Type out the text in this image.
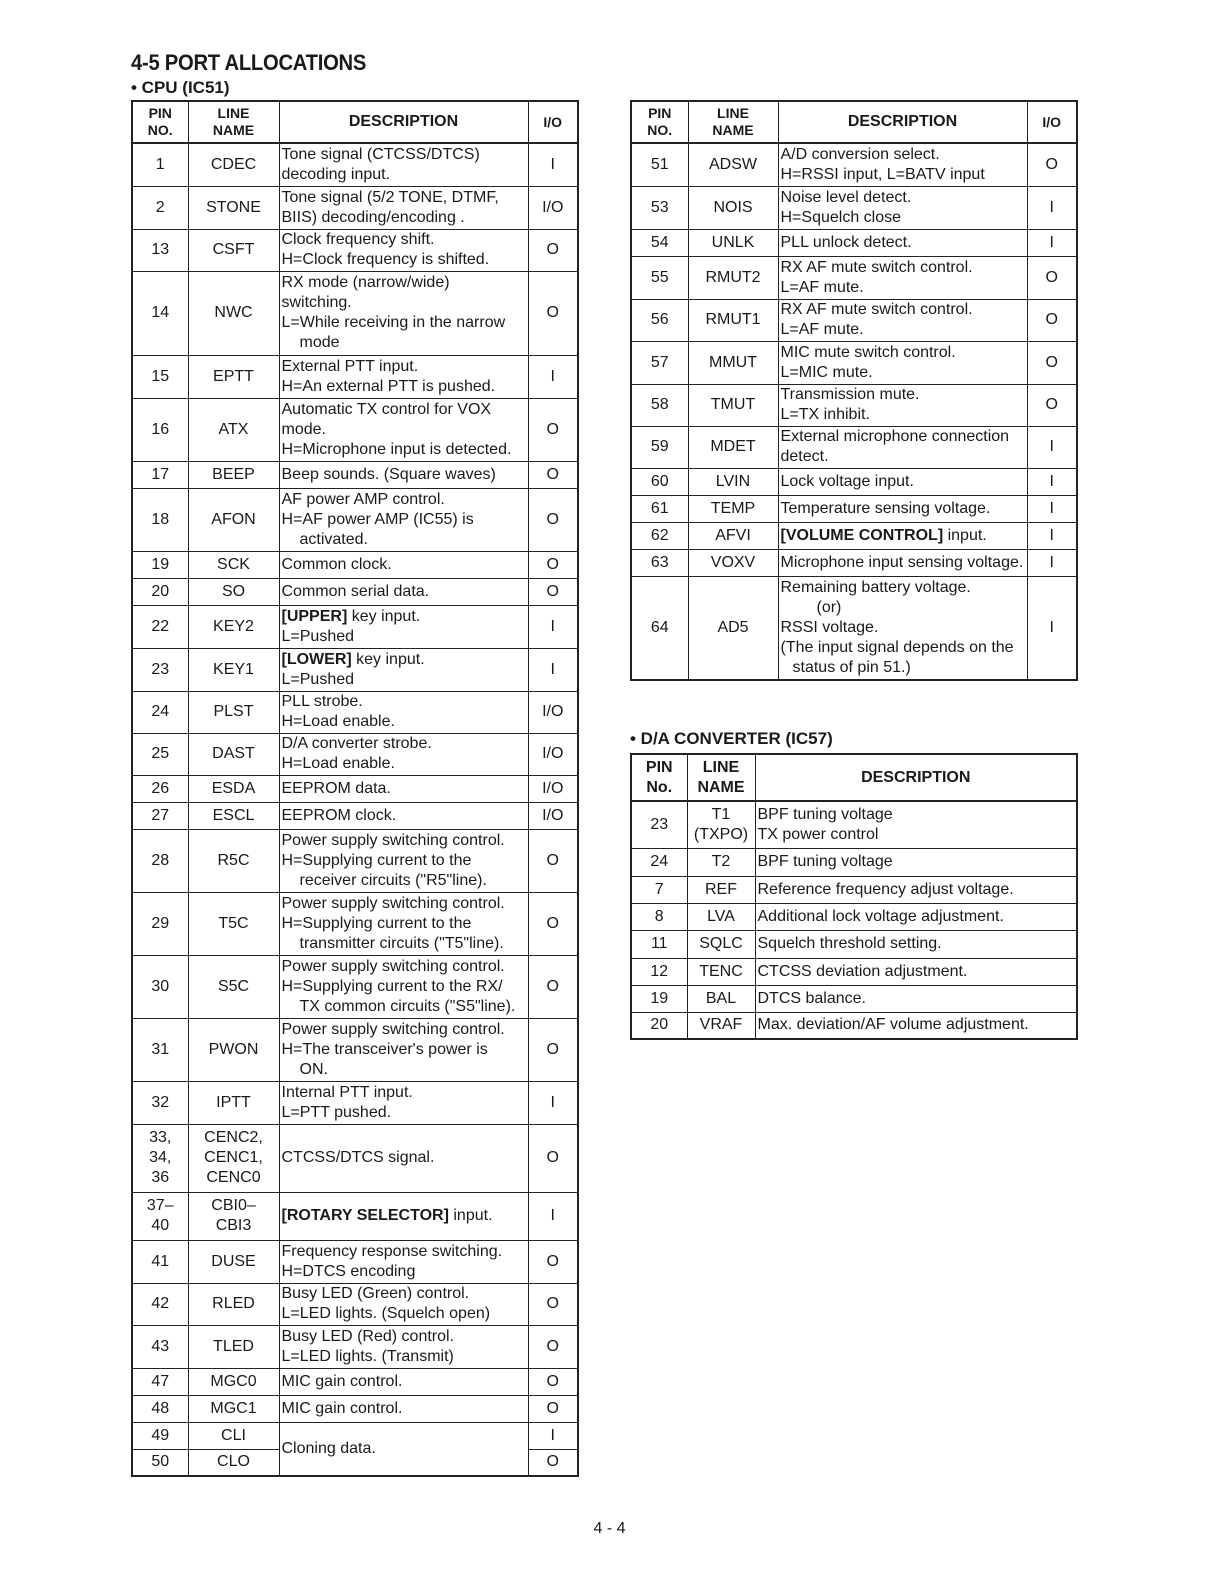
4-5 PORT ALLOCATIONS
• CPU (IC51)
• D/A CONVERTER (IC57)
PIN
NO.	LINE
NAME	DESCRIPTION	I/O
1	CDEC	Tone signal (CTCSS/DTCS)
decoding input.	I
2	STONE	Tone signal (5/2 TONE, DTMF,
BIIS) decoding/encoding .	I/O
13	CSFT	Clock frequency shift.
H=Clock frequency is shifted.	O
14	NWC	RX mode (narrow/wide)
switching.
L=While receiving in the narrow
mode	O
15	EPTT	External PTT input.
H=An external PTT is pushed.	I
16	ATX	Automatic TX control for VOX
mode.
H=Microphone input is detected.	O
17	BEEP	Beep sounds. (Square waves)	O
18	AFON	AF power AMP control.
H=AF power AMP (IC55) is
activated.	O
19	SCK	Common clock.	O
20	SO	Common serial data.	O
22	KEY2	[UPPER] key input.
L=Pushed	I
23	KEY1	[LOWER] key input.
L=Pushed	I
24	PLST	PLL strobe.
H=Load enable.	I/O
25	DAST	D/A converter strobe.
H=Load enable.	I/O
26	ESDA	EEPROM data.	I/O
27	ESCL	EEPROM clock.	I/O
28	R5C	Power supply switching control.
H=Supplying current to the
receiver circuits ("R5"line).	O
29	T5C	Power supply switching control.
H=Supplying current to the
transmitter circuits ("T5"line).	O
30	S5C	Power supply switching control.
H=Supplying current to the RX/
TX common circuits ("S5"line).	O
31	PWON	Power supply switching control.
H=The transceiver's power is
ON.	O
32	IPTT	Internal PTT input.
L=PTT pushed.	I
33,
34,
36	CENC2,
CENC1,
CENC0	CTCSS/DTCS signal.	O
37–
40	CBI0–
CBI3	[ROTARY SELECTOR] input.	I
41	DUSE	Frequency response switching.
H=DTCS encoding	O
42	RLED	Busy LED (Green) control.
L=LED lights. (Squelch open)	O
43	TLED	Busy LED (Red) control.
L=LED lights. (Transmit)	O
47	MGC0	MIC gain control.	O
48	MGC1	MIC gain control.	O
49	CLI	Cloning data.	I
50	CLO		O
PIN
NO.	LINE
NAME	DESCRIPTION	I/O
51	ADSW	A/D conversion select.
H=RSSI input, L=BATV input	O
53	NOIS	Noise level detect.
H=Squelch close	I
54	UNLK	PLL unlock detect.	I
55	RMUT2	RX AF mute switch control.
L=AF mute.	O
56	RMUT1	RX AF mute switch control.
L=AF mute.	O
57	MMUT	MIC mute switch control.
L=MIC mute.	O
58	TMUT	Transmission mute.
L=TX inhibit.	O
59	MDET	External microphone connection
detect.	I
60	LVIN	Lock voltage input.	I
61	TEMP	Temperature sensing voltage.	I
62	AFVI	[VOLUME CONTROL] input.	I
63	VOXV	Microphone input sensing voltage.	I
64	AD5	Remaining battery voltage.
(or)
RSSI voltage.
(The input signal depends on the
status of pin 51.)	I
PIN
No.	LINE
NAME	DESCRIPTION
23	T1
(TXPO)	BPF tuning voltage
TX power control

24	T2	BPF tuning voltage

7	REF	Reference frequency adjust voltage.

8	LVA	Additional lock voltage adjustment.

11	SQLC	Squelch threshold setting.

12	TENC	CTCSS deviation adjustment.

19	BAL	DTCS balance.

20	VRAF	Max. deviation/AF volume adjustment.
4 - 4
